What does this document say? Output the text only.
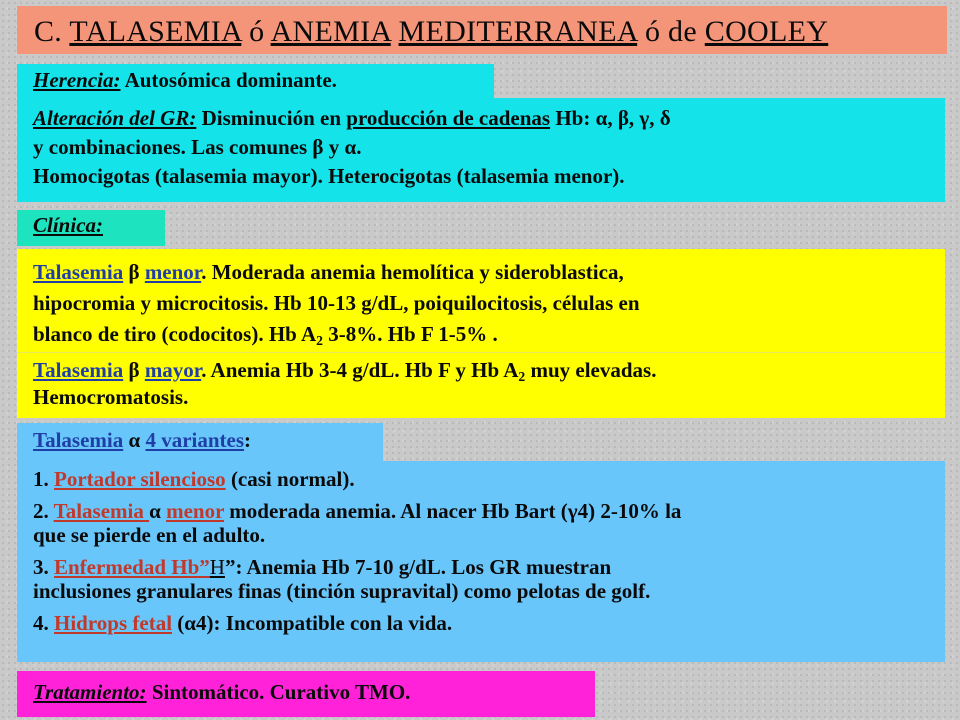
C. TALASEMIA ó ANEMIA MEDITERRANEA ó de COOLEY
Alteración del GR: Disminución en producción de cadenas Hb: α, β, γ, δ
y combinaciones. Las comunes β y α.
Homocigotas (talasemia mayor). Heterocigotas (talasemia menor).
Herencia: Autosómica dominante.
Clínica:
Talasemia β menor. Moderada anemia hemolítica y sideroblastica,
hipocromia y microcitosis. Hb 10-13 g/dL, poiquilocitosis, células en
blanco de tiro (codocitos). Hb $A_2$ 3-8%. Hb F 1-5% .
Talasemia β mayor. Anemia Hb 3-4 g/dL. Hb F y Hb $A_2$ muy elevadas.
Hemocromatosis.
1. Portador silencioso (casi normal).
2. Talasemia α menor moderada anemia. Al nacer Hb Bart (γ4) 2-10% la
que se pierde en el adulto.
3. Enfermedad Hb”H”: Anemia Hb 7-10 g/dL. Los GR muestran
inclusiones granulares finas (tinción supravital) como pelotas de golf.
4. Hidrops fetal (α4): Incompatible con la vida.
Talasemia α 4 variantes:
Tratamiento: Sintomático. Curativo TMO.
